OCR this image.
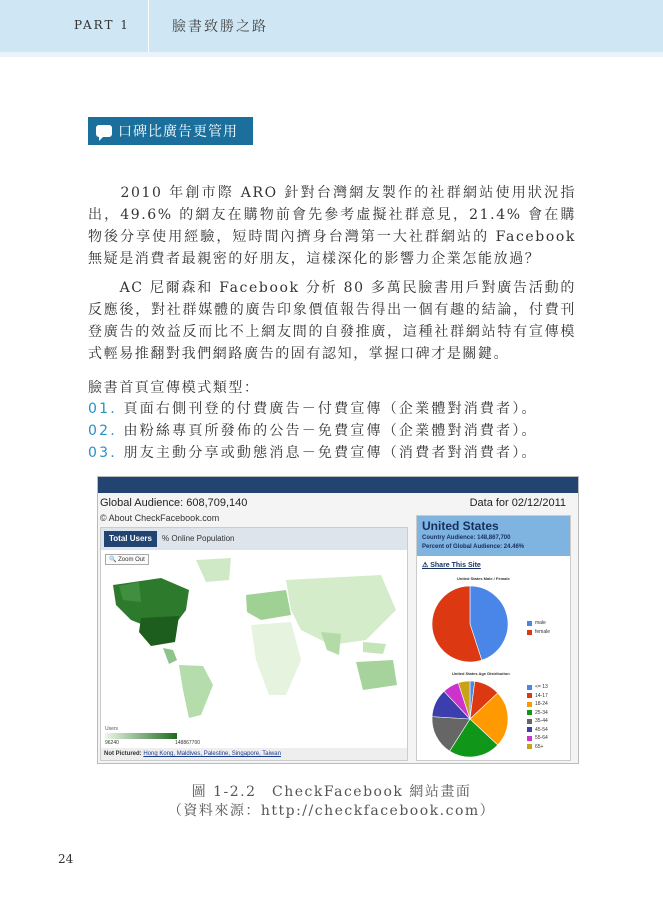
PART 1	臉書致勝之路
口碑比廣告更管用

　　2010 年創市際 ARO 針對台灣網友製作的社群網站使用狀況指出，49.6% 的網友在購物前會先參考虛擬社群意見，21.4% 會在購物後分享使用經驗，短時間內擠身台灣第一大社群網站的 Facebook 無疑是消費者最親密的好朋友，這樣深化的影響力企業怎能放過？

　　AC 尼爾森和 Facebook 分析 80 多萬民臉書用戶對廣告活動的反應後，對社群媒體的廣告印象價值報告得出一個有趣的結論，付費刊登廣告的效益反而比不上網友間的自發推廣，這種社群網站特有宣傳模式輕易推翻對我們網路廣告的固有認知，掌握口碑才是關鍵。

臉書首頁宣傳模式類型：

01. 頁面右側刊登的付費廣告－付費宣傳（企業體對消費者）。
02. 由粉絲專頁所發佈的公告－免費宣傳（企業體對消費者）。
03. 朋友主動分享或動態消息－免費宣傳（消費者對消費者）。
Global Audience: 608,709,140	Data for 02/12/2011
© About CheckFacebook.com
Total Users	% Online Population
🔍 Zoom Out
Users
96240	148867700
Not Pictured: Hong Kong, Maldives, Palestine, Singapore, Taiwan
United States
Country Audience: 148,867,700
Percent of Global Audience: 24.46%
⚠ Share This Site
United States Male / Female
male
female
United States Age Distribution
<= 13
14-17
18-24
25-34
35-44
45-54
55-64
65+
圖 1-2.2　CheckFacebook 網站畫面
（資料來源：http://checkfacebook.com）
24
